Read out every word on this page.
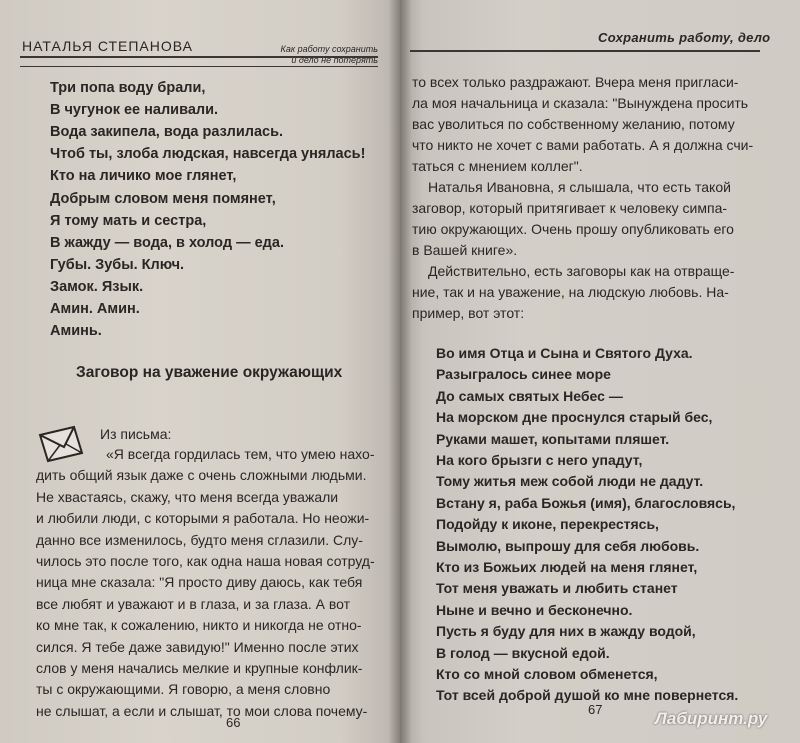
НАТАЛЬЯ СТЕПАНОВА	Как работу сохранить
и дело не потерять
Три попа воду брали,
В чугунок ее наливали.
Вода закипела, вода разлилась.
Чтоб ты, злоба людская, навсегда унялась!
Кто на личико мое глянет,
Добрым словом меня помянет,
Я тому мать и сестра,
В жажду — вода, в холод — еда.
Губы. Зубы. Ключ.
Замок. Язык.
Амин. Амин.
Аминь.
Заговор на уважение окружающих
Из письма:
«Я всегда гордилась тем, что умею нахо-
дить общий язык даже с очень сложными людьми.
Не хвастаясь, скажу, что меня всегда уважали
и любили люди, с которыми я работала. Но неожи-
данно все изменилось, будто меня сглазили. Слу-
чилось это после того, как одна наша новая сотруд-
ница мне сказала: "Я просто диву даюсь, как тебя
все любят и уважают и в глаза, и за глаза. А вот
ко мне так, к сожалению, никто и никогда не отно-
сился. Я тебе даже завидую!" Именно после этих
слов у меня начались мелкие и крупные конфлик-
ты с окружающими. Я говорю, а меня словно
не слышат, а если и слышат, то мои слова почему-
66
Сохранить работу, дело
то всех только раздражают. Вчера меня пригласи-
ла моя начальница и сказала: "Вынуждена просить
вас уволиться по собственному желанию, потому
что никто не хочет с вами работать. А я должна счи-
таться с мнением коллег".
Наталья Ивановна, я слышала, что есть такой
заговор, который притягивает к человеку симпа-
тию окружающих. Очень прошу опубликовать его
в Вашей книге».
Действительно, есть заговоры как на отвраще-
ние, так и на уважение, на людскую любовь. На-
пример, вот этот:
Во имя Отца и Сына и Святого Духа.
Разыгралось синее море
До самых святых Небес —
На морском дне проснулся старый бес,
Руками машет, копытами пляшет.
На кого брызги с него упадут,
Тому житья меж собой люди не дадут.
Встану я, раба Божья (имя), благословясь,
Подойду к иконе, перекрестясь,
Вымолю, выпрошу для себя любовь.
Кто из Божьих людей на меня глянет,
Тот меня уважать и любить станет
Ныне и вечно и бесконечно.
Пусть я буду для них в жажду водой,
В голод — вкусной едой.
Кто со мной словом обменется,
Тот всей доброй душой ко мне повернется.
67	Лабиринт.ру
